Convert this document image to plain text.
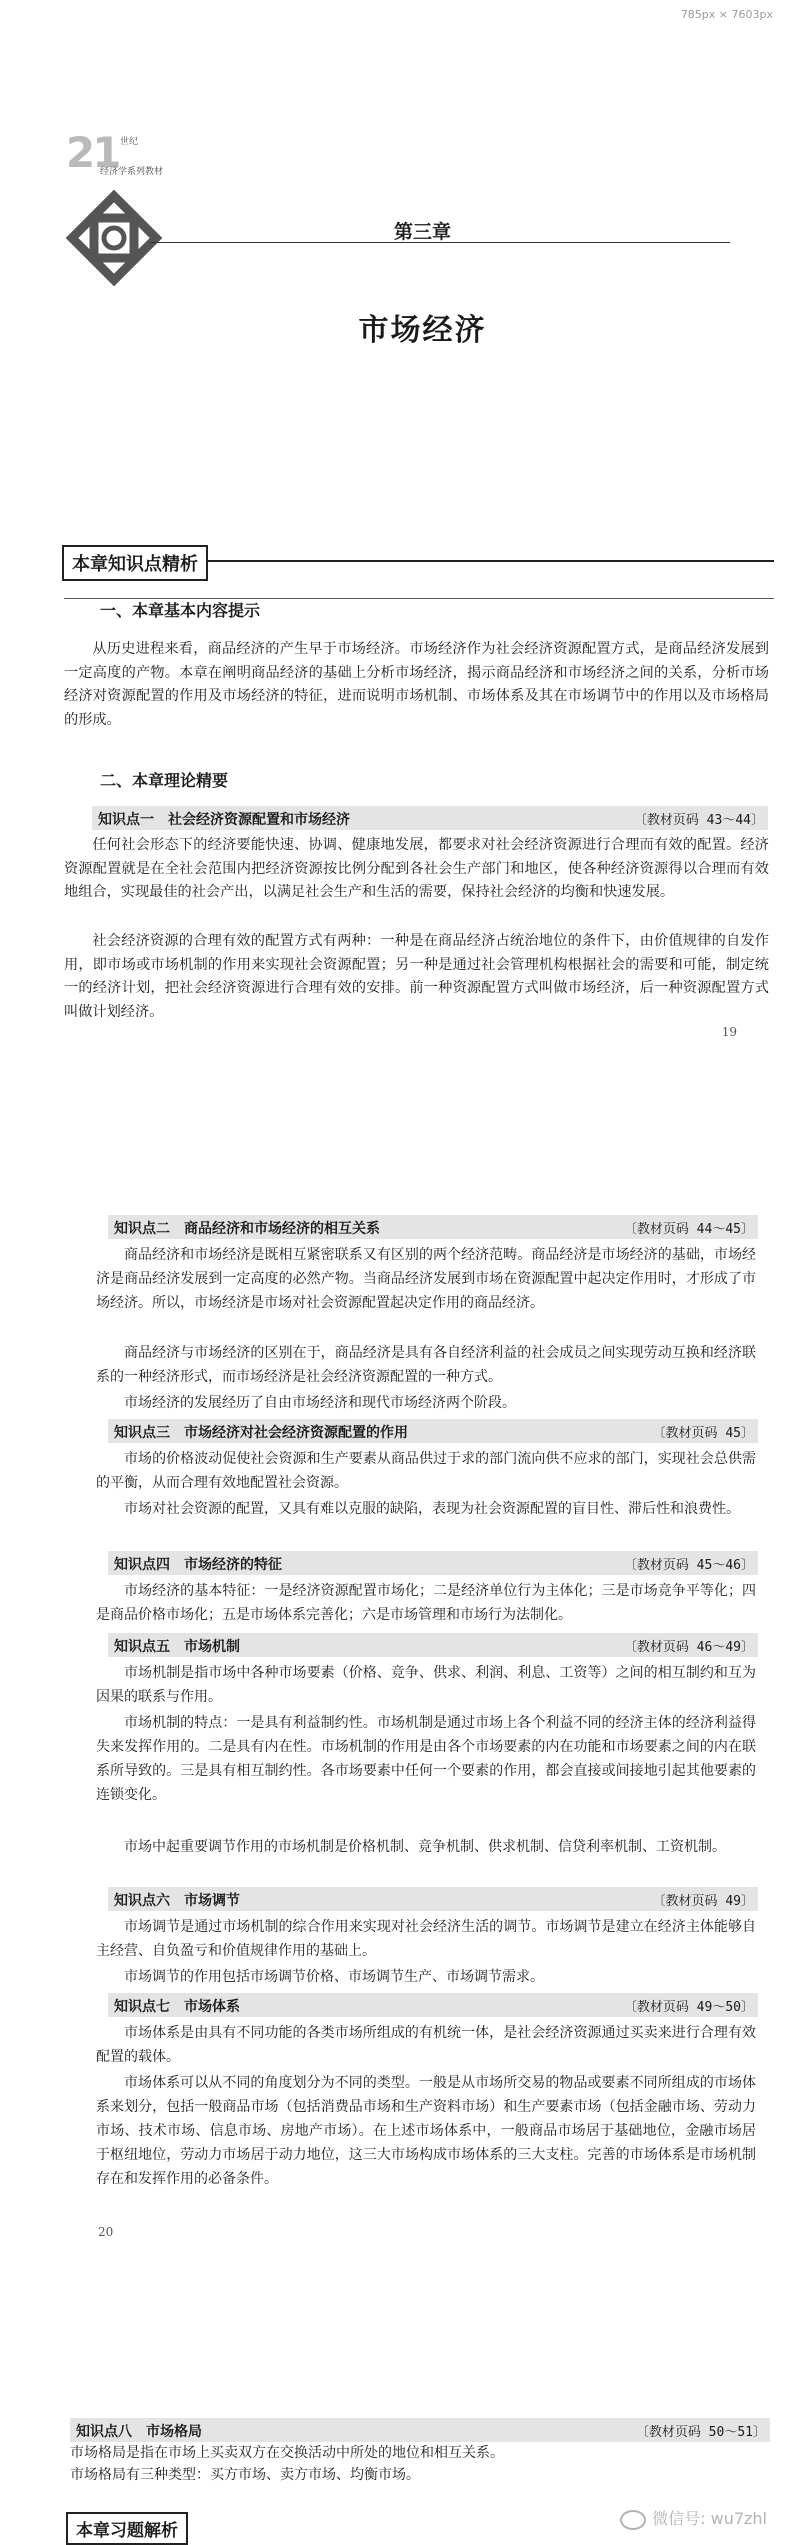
785px × 7603px
21 世纪
经济学系列教材
第三章
市场经济
本章知识点精析
一、本章基本内容提示

从历史进程来看，商品经济的产生早于市场经济。市场经济作为社会经济资源配置方式，是商品经济发展到一定高度的产物。本章在阐明商品经济的基础上分析市场经济，揭示商品经济和市场经济之间的关系，分析市场经济对资源配置的作用及市场经济的特征，进而说明市场机制、市场体系及其在市场调节中的作用以及市场格局的形成。

二、本章理论精要
知识点一　社会经济资源配置和市场经济	〔教材页码 43～44〕

任何社会形态下的经济要能快速、协调、健康地发展，都要求对社会经济资源进行合理而有效的配置。经济资源配置就是在全社会范围内把经济资源按比例分配到各社会生产部门和地区，使各种经济资源得以合理而有效地组合，实现最佳的社会产出，以满足社会生产和生活的需要，保持社会经济的均衡和快速发展。

社会经济资源的合理有效的配置方式有两种：一种是在商品经济占统治地位的条件下，由价值规律的自发作用，即市场或市场机制的作用来实现社会资源配置；另一种是通过社会管理机构根据社会的需要和可能，制定统一的经济计划，把社会经济资源进行合理有效的安排。前一种资源配置方式叫做市场经济，后一种资源配置方式叫做计划经济。

19
知识点二　商品经济和市场经济的相互关系	〔教材页码 44～45〕

商品经济和市场经济是既相互紧密联系又有区别的两个经济范畴。商品经济是市场经济的基础，市场经济是商品经济发展到一定高度的必然产物。当商品经济发展到市场在资源配置中起决定作用时，才形成了市场经济。所以，市场经济是市场对社会资源配置起决定作用的商品经济。

商品经济与市场经济的区别在于，商品经济是具有各自经济利益的社会成员之间实现劳动互换和经济联系的一种经济形式，而市场经济是社会经济资源配置的一种方式。

市场经济的发展经历了自由市场经济和现代市场经济两个阶段。

知识点三　市场经济对社会经济资源配置的作用	〔教材页码 45〕

市场的价格波动促使社会资源和生产要素从商品供过于求的部门流向供不应求的部门，实现社会总供需的平衡，从而合理有效地配置社会资源。

市场对社会资源的配置，又具有难以克服的缺陷，表现为社会资源配置的盲目性、滞后性和浪费性。

知识点四　市场经济的特征	〔教材页码 45～46〕

市场经济的基本特征：一是经济资源配置市场化；二是经济单位行为主体化；三是市场竞争平等化；四是商品价格市场化；五是市场体系完善化；六是市场管理和市场行为法制化。

知识点五　市场机制	〔教材页码 46～49〕

市场机制是指市场中各种市场要素（价格、竞争、供求、利润、利息、工资等）之间的相互制约和互为因果的联系与作用。

市场机制的特点：一是具有利益制约性。市场机制是通过市场上各个利益不同的经济主体的经济利益得失来发挥作用的。二是具有内在性。市场机制的作用是由各个市场要素的内在功能和市场要素之间的内在联系所导致的。三是具有相互制约性。各市场要素中任何一个要素的作用，都会直接或间接地引起其他要素的连锁变化。

市场中起重要调节作用的市场机制是价格机制、竞争机制、供求机制、信贷利率机制、工资机制。

知识点六　市场调节	〔教材页码 49〕

市场调节是通过市场机制的综合作用来实现对社会经济生活的调节。市场调节是建立在经济主体能够自主经营、自负盈亏和价值规律作用的基础上。

市场调节的作用包括市场调节价格、市场调节生产、市场调节需求。

知识点七　市场体系	〔教材页码 49～50〕

市场体系是由具有不同功能的各类市场所组成的有机统一体，是社会经济资源通过买卖来进行合理有效配置的载体。

市场体系可以从不同的角度划分为不同的类型。一般是从市场所交易的物品或要素不同所组成的市场体系来划分，包括一般商品市场（包括消费品市场和生产资料市场）和生产要素市场（包括金融市场、劳动力市场、技术市场、信息市场、房地产市场）。在上述市场体系中，一般商品市场居于基础地位，金融市场居于枢纽地位，劳动力市场居于动力地位，这三大市场构成市场体系的三大支柱。完善的市场体系是市场机制存在和发挥作用的必备条件。

20
知识点八　市场格局	〔教材页码 50～51〕

市场格局是指在市场上买卖双方在交换活动中所处的地位和相互关系。

市场格局有三种类型：买方市场、卖方市场、均衡市场。

本章习题解析
微信号: wu7zhl
